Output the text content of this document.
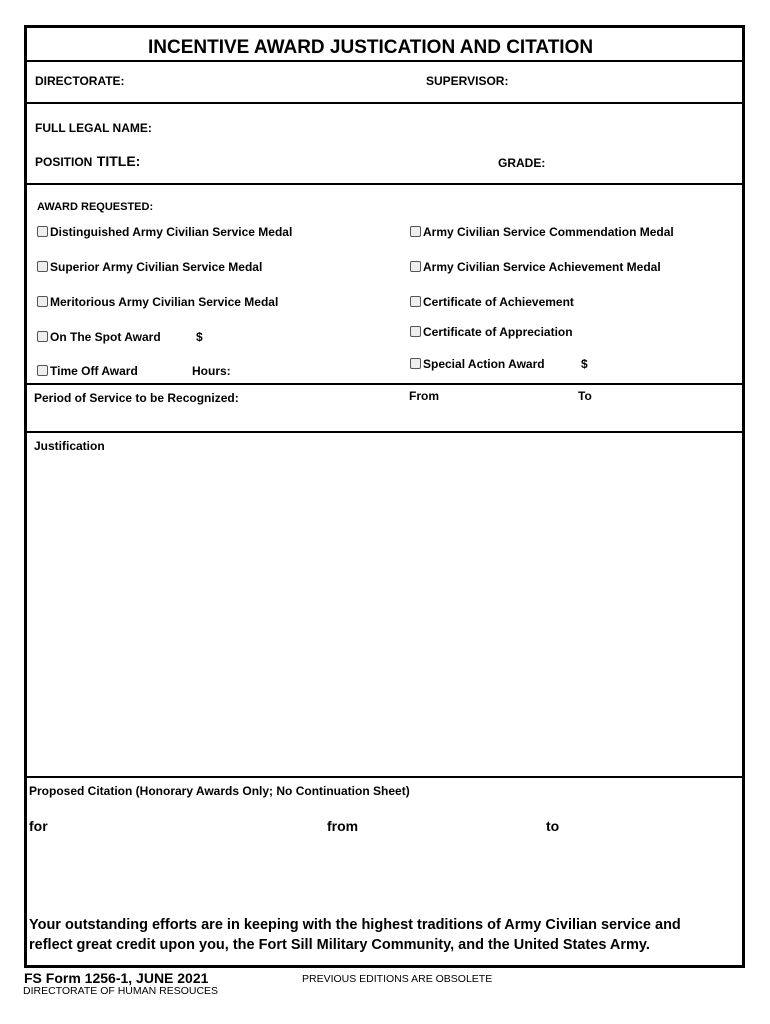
INCENTIVE AWARD JUSTICATION AND CITATION
DIRECTORATE:	SUPERVISOR:
FULL LEGAL NAME:
POSITION TITLE:	GRADE:
AWARD REQUESTED:
Distinguished Army Civilian Service Medal
Superior Army Civilian Service Medal
Meritorious Army Civilian Service Medal
On The Spot Award	$
Time Off Award	Hours:
Army Civilian Service Commendation Medal
Army Civilian Service Achievement Medal
Certificate of Achievement
Certificate of Appreciation
Special Action Award	$
Period of Service to be Recognized:	From	To
Justification
Proposed Citation (Honorary Awards Only; No Continuation Sheet)
for	from	to
Your outstanding efforts are in keeping with the highest traditions of Army Civilian service and reflect great credit upon you, the Fort Sill Military Community, and the United States Army.
FS Form 1256-1, JUNE 2021
DIRECTORATE OF HUMAN RESOUCES
PREVIOUS EDITIONS ARE OBSOLETE
